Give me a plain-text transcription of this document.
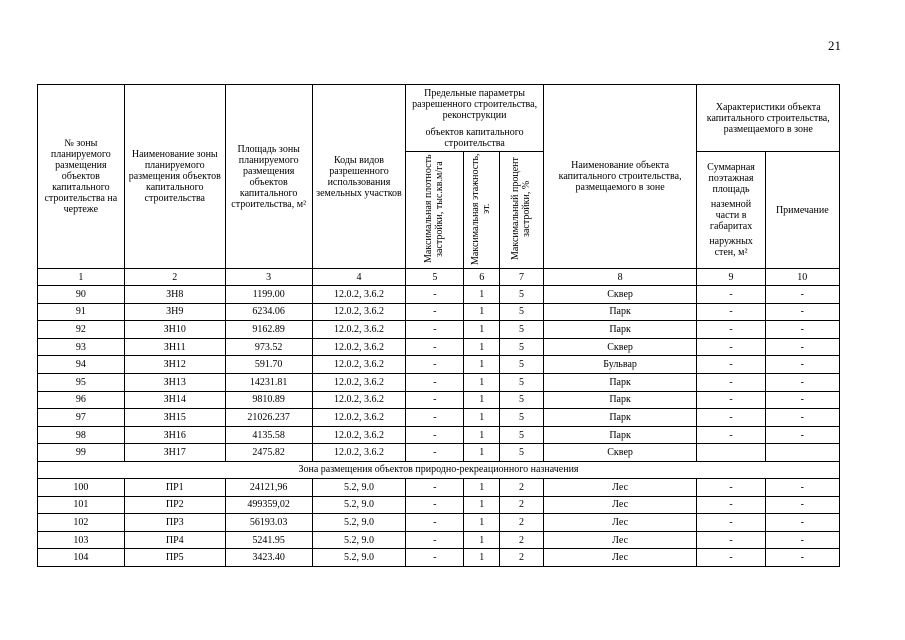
21
№ зоны планируемого размещения объектов капитального строительства на чертеже	Наименование зоны планируемого размещения объектов капитального строительства	Площадь зоны планируемого размещения объектов капитального строительства, м²	Коды видов разрешенного использования земельных участков	Предельные параметры разрешенного строительства, реконструкции
объектов капитального строительства			Наименование объекта капитального строительства, размещаемого в зоне	Характеристики объекта капитального строительства, размещаемого в зоне	
				Максимальная плотность застройки, тыс.кв.м/га	Максимальная этажность, эт.	Максимальный процент застройки, %		Суммарная поэтажная площадь
наземной части в габаритах
наружных стен, м²	Примечание
1	2	3	4	5	6	7	8	9	10
90	ЗН8	1199.00	12.0.2, 3.6.2	-	1	5	Сквер	-	-
91	ЗН9	6234.06	12.0.2, 3.6.2	-	1	5	Парк	-	-
92	ЗН10	9162.89	12.0.2, 3.6.2	-	1	5	Парк	-	-
93	ЗН11	973.52	12.0.2, 3.6.2	-	1	5	Сквер	-	-
94	ЗН12	591.70	12.0.2, 3.6.2	-	1	5	Бульвар	-	-
95	ЗН13	14231.81	12.0.2, 3.6.2	-	1	5	Парк	-	-
96	ЗН14	9810.89	12.0.2, 3.6.2	-	1	5	Парк	-	-
97	ЗН15	21026.237	12.0.2, 3.6.2	-	1	5	Парк	-	-
98	ЗН16	4135.58	12.0.2, 3.6.2	-	1	5	Парк	-	-
99	ЗН17	2475.82	12.0.2, 3.6.2	-	1	5	Сквер		
Зона размещения объектов природно-рекреационного назначения									
100	ПР1	24121,96	5.2, 9.0	-	1	2	Лес	-	-
101	ПР2	499359,02	5.2, 9.0	-	1	2	Лес	-	-
102	ПР3	56193.03	5.2, 9.0	-	1	2	Лес	-	-
103	ПР4	5241.95	5.2, 9.0	-	1	2	Лес	-	-
104	ПР5	3423.40	5.2, 9.0	-	1	2	Лес	-	-
